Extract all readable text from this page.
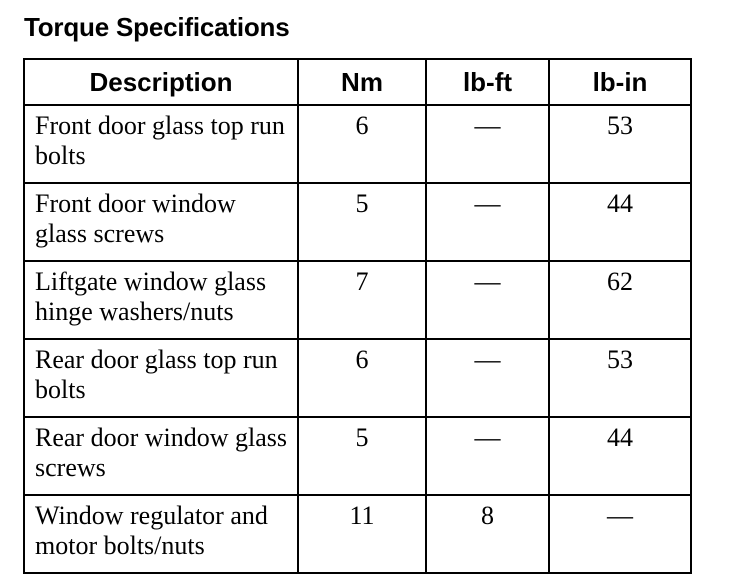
Torque Specifications
Description	Nm	lb-ft	lb-in
Front door glass top run bolts	6	—	53
Front door window glass screws	5	—	44
Liftgate window glass hinge washers/nuts	7	—	62
Rear door glass top run bolts	6	—	53
Rear door window glass screws	5	—	44
Window regulator and motor bolts/nuts	11	8	—
